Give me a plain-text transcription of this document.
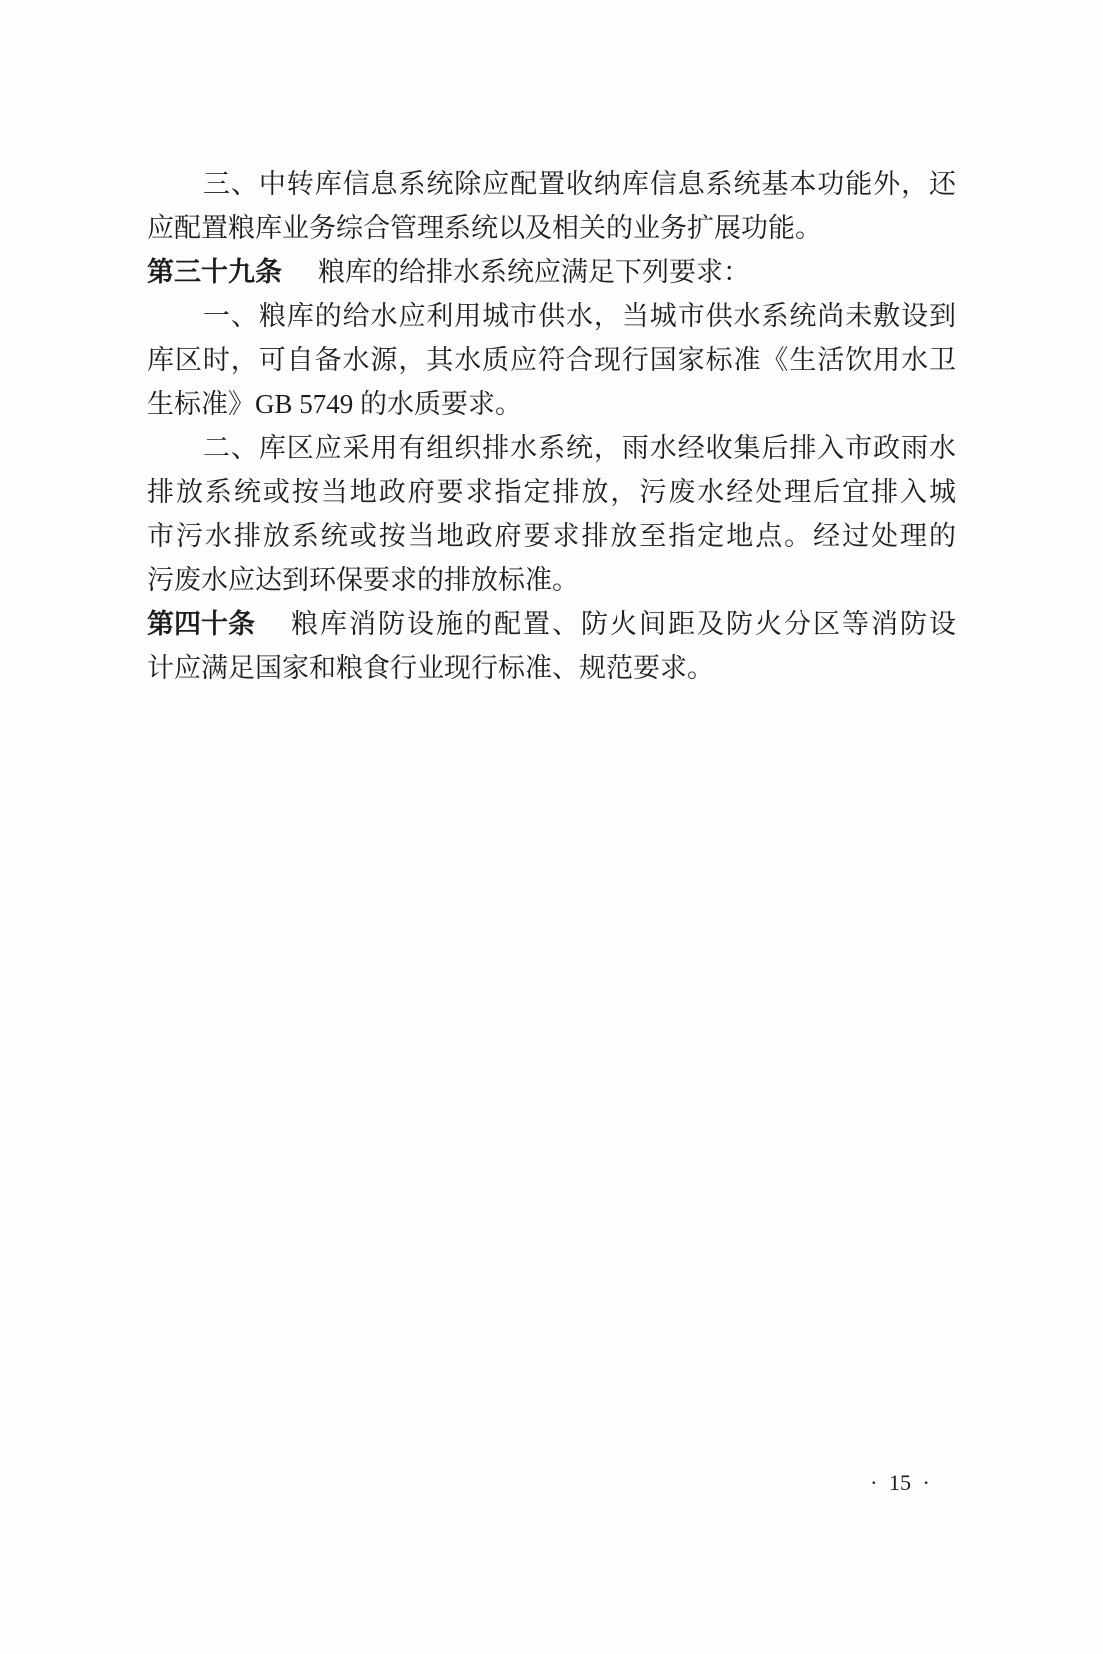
三、中转库信息系统除应配置收纳库信息系统基本功能外，还
应配置粮库业务综合管理系统以及相关的业务扩展功能。
第三十九条 粮库的给排水系统应满足下列要求：
一、粮库的给水应利用城市供水，当城市供水系统尚未敷设到
库区时，可自备水源，其水质应符合现行国家标准《生活饮用水卫
生标准》GB 5749 的水质要求。
二、库区应采用有组织排水系统，雨水经收集后排入市政雨水
排放系统或按当地政府要求指定排放，污废水经处理后宜排入城
市污水排放系统或按当地政府要求排放至指定地点。经过处理的
污废水应达到环保要求的排放标准。
第四十条 粮库消防设施的配置、防火间距及防火分区等消防设
计应满足国家和粮食行业现行标准、规范要求。
· 15 ·
